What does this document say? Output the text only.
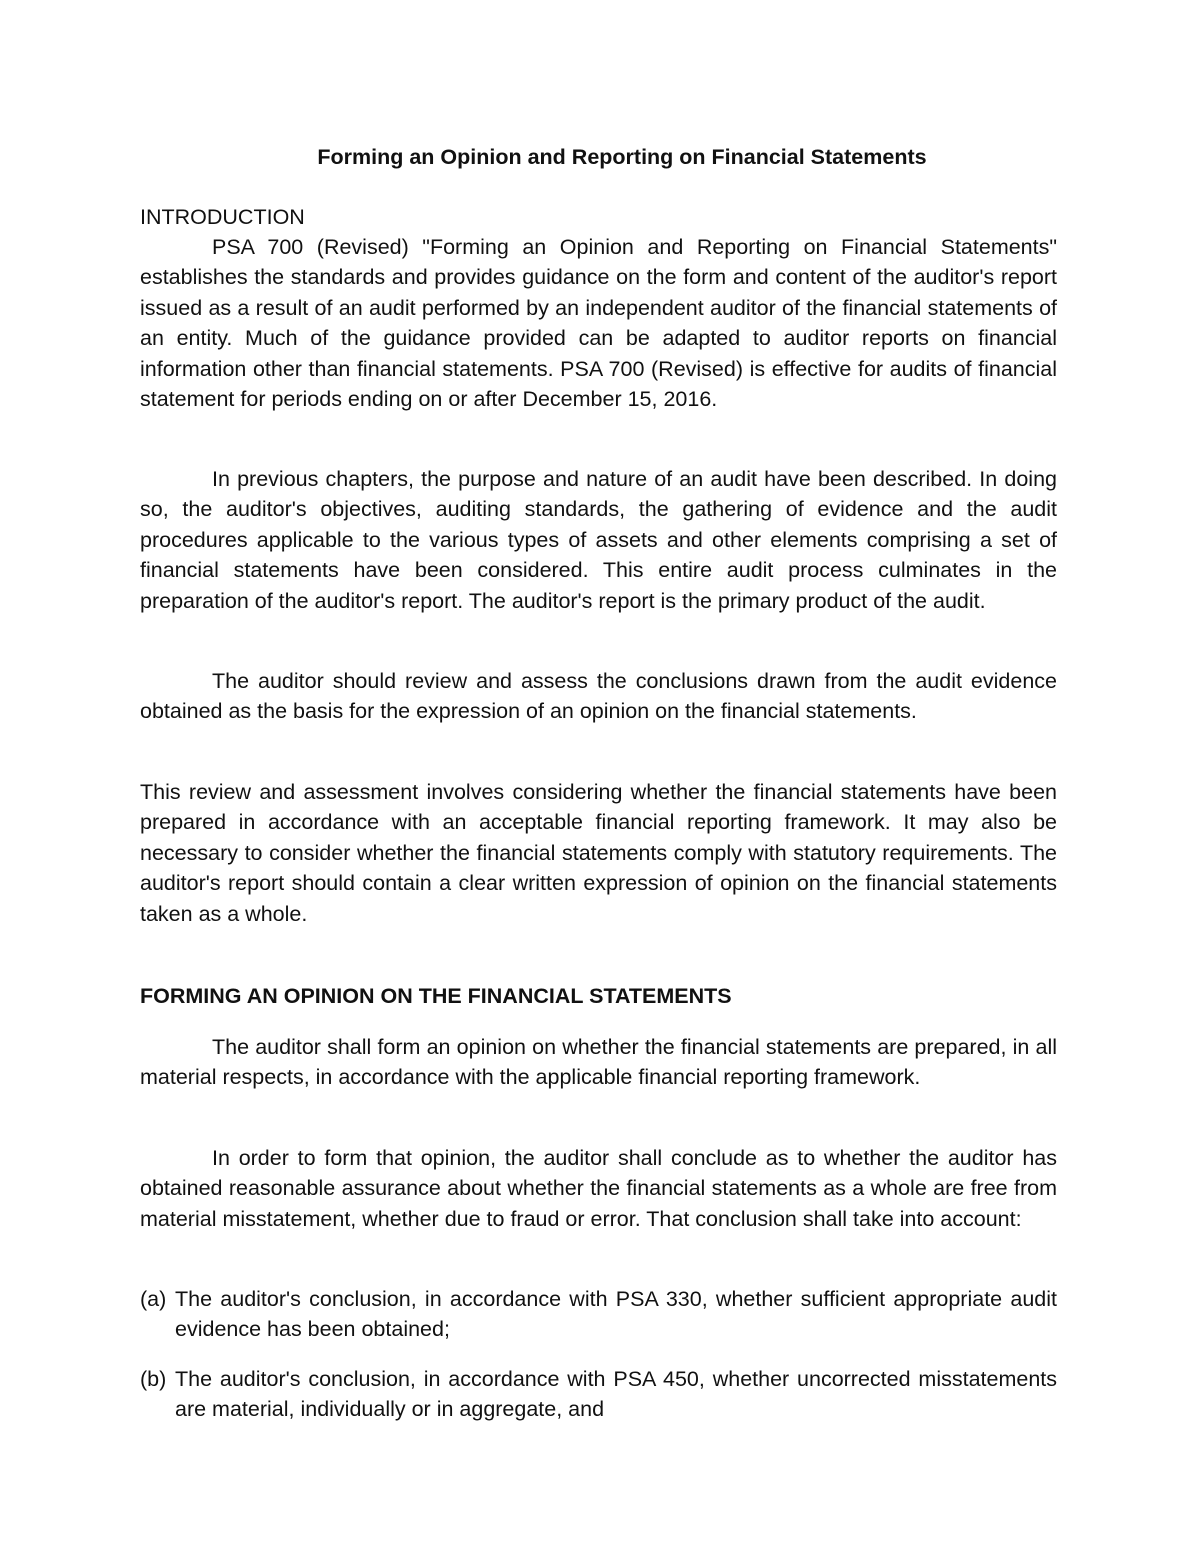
Forming an Opinion and Reporting on Financial Statements
INTRODUCTION

PSA 700 (Revised) "Forming an Opinion and Reporting on Financial Statements" establishes the standards and provides guidance on the form and content of the auditor's report issued as a result of an audit performed by an independent auditor of the financial statements of an entity. Much of the guidance provided can be adapted to auditor reports on financial information other than financial statements. PSA 700 (Revised) is effective for audits of financial statement for periods ending on or after December 15, 2016.

In previous chapters, the purpose and nature of an audit have been described. In doing so, the auditor's objectives, auditing standards, the gathering of evidence and the audit procedures applicable to the various types of assets and other elements comprising a set of financial statements have been considered. This entire audit process culminates in the preparation of the auditor's report. The auditor's report is the primary product of the audit.

The auditor should review and assess the conclusions drawn from the audit evidence obtained as the basis for the expression of an opinion on the financial statements.

This review and assessment involves considering whether the financial statements have been prepared in accordance with an acceptable financial reporting framework. It may also be necessary to consider whether the financial statements comply with statutory requirements. The auditor's report should contain a clear written expression of opinion on the financial statements taken as a whole.

FORMING AN OPINION ON THE FINANCIAL STATEMENTS

The auditor shall form an opinion on whether the financial statements are prepared, in all material respects, in accordance with the applicable financial reporting framework.

In order to form that opinion, the auditor shall conclude as to whether the auditor has obtained reasonable assurance about whether the financial statements as a whole are free from material misstatement, whether due to fraud or error. That conclusion shall take into account:

(a) The auditor's conclusion, in accordance with PSA 330, whether sufficient appropriate audit evidence has been obtained;
(b) The auditor's conclusion, in accordance with PSA 450, whether uncorrected misstatements are material, individually or in aggregate, and
